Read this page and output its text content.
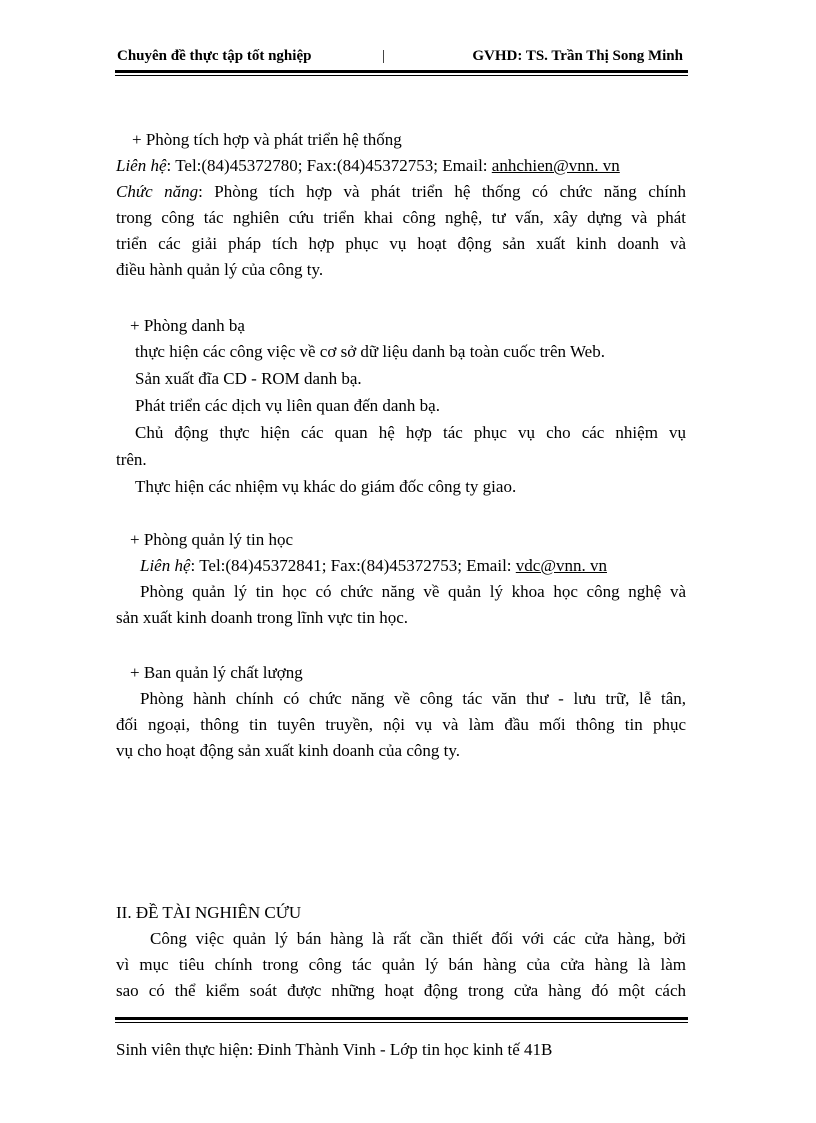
Chuyên đề thực tập tốt nghiệp	|	GVHD: TS. Trần Thị Song Minh
+ Phòng tích hợp và phát triển hệ thống
Liên hệ: Tel:(84)45372780; Fax:(84)45372753; Email: anhchien@vnn. vn
Chức năng: Phòng tích hợp và phát triển hệ thống có chức năng chính
trong công tác nghiên cứu triển khai công nghệ, tư vấn, xây dựng và phát
triển các giải pháp tích hợp phục vụ hoạt động sản xuất kinh doanh và
điều hành quản lý của công ty.
+ Phòng danh bạ
thực hiện các công việc về cơ sở dữ liệu danh bạ toàn cuốc trên Web.
Sản xuất đĩa CD - ROM danh bạ.
Phát triển các dịch vụ liên quan đến danh bạ.
Chủ động thực hiện các quan hệ hợp tác phục vụ cho các nhiệm vụ
trên.
Thực hiện các nhiệm vụ khác do giám đốc công ty giao.
+ Phòng quản lý tin học
Liên hệ: Tel:(84)45372841; Fax:(84)45372753; Email: vdc@vnn. vn
Phòng quản lý tin học có chức năng về quản lý khoa học công nghệ và
sản xuất kinh doanh trong lĩnh vực tin học.
+ Ban quản lý chất lượng
Phòng hành chính có chức năng về công tác văn thư - lưu trữ, lễ tân,
đối ngoại, thông tin tuyên truyền, nội vụ và làm đầu mối thông tin phục
vụ cho hoạt động sản xuất kinh doanh của công ty.
II. ĐỀ TÀI NGHIÊN CỨU
Công việc quản lý bán hàng là rất cần thiết đối với các cửa hàng, bởi
vì mục tiêu chính trong công tác quản lý bán hàng của cửa hàng là làm
sao có thể kiểm soát được những hoạt động trong cửa hàng đó một cách
Sinh viên thực hiện: Đinh Thành Vinh - Lớp tin học kinh tế 41B
